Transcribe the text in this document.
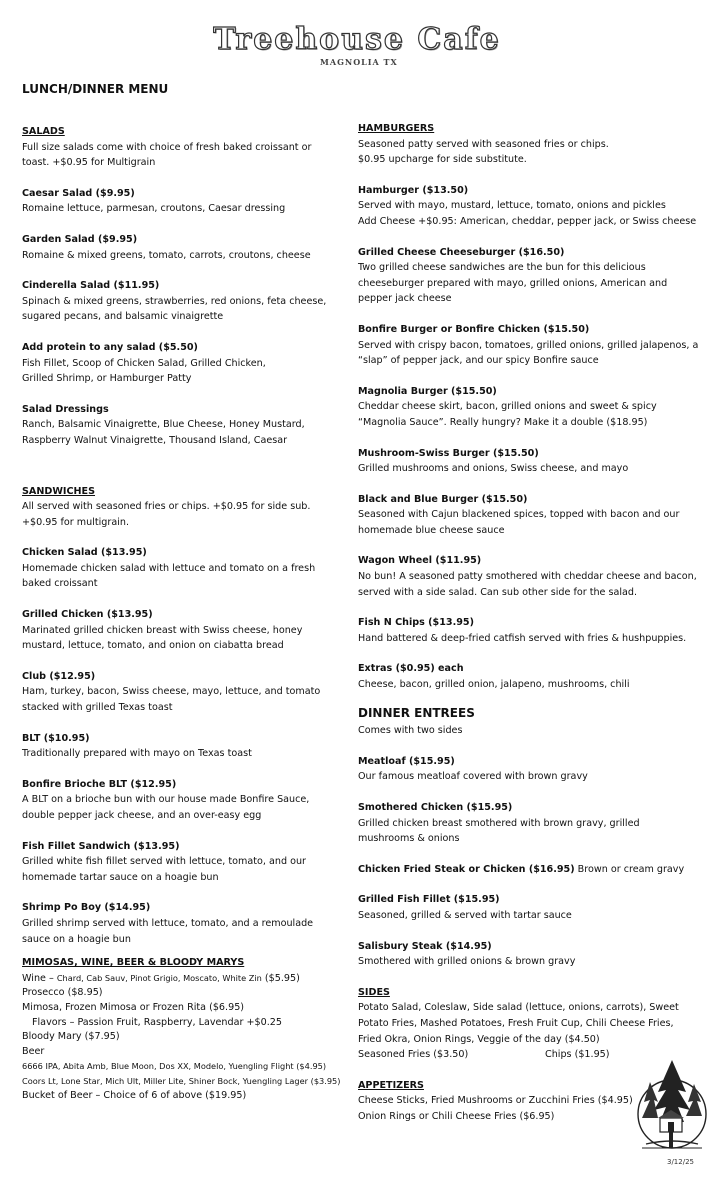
Treehouse Cafe
MAGNOLIA TX
LUNCH/DINNER MENU
SALADS
Full size salads come with choice of fresh baked croissant or
toast. +$0.95 for Multigrain
Caesar Salad ($9.95)
Romaine lettuce, parmesan, croutons, Caesar dressing
Garden Salad ($9.95)
Romaine & mixed greens, tomato, carrots, croutons, cheese
Cinderella Salad ($11.95)
Spinach & mixed greens, strawberries, red onions, feta cheese,
sugared pecans, and balsamic vinaigrette
Add protein to any salad ($5.50)
Fish Fillet, Scoop of Chicken Salad, Grilled Chicken,
Grilled Shrimp, or Hamburger Patty
Salad Dressings
Ranch, Balsamic Vinaigrette, Blue Cheese, Honey Mustard,
Raspberry Walnut Vinaigrette, Thousand Island, Caesar
SANDWICHES
All served with seasoned fries or chips. +$0.95 for side sub.
+$0.95 for multigrain.
Chicken Salad ($13.95)
Homemade chicken salad with lettuce and tomato on a fresh
baked croissant
Grilled Chicken ($13.95)
Marinated grilled chicken breast with Swiss cheese, honey
mustard, lettuce, tomato, and onion on ciabatta bread
Club ($12.95)
Ham, turkey, bacon, Swiss cheese, mayo, lettuce, and tomato
stacked with grilled Texas toast
BLT ($10.95)
Traditionally prepared with mayo on Texas toast
Bonfire Brioche BLT ($12.95)
A BLT on a brioche bun with our house made Bonfire Sauce,
double pepper jack cheese, and an over-easy egg
Fish Fillet Sandwich ($13.95)
Grilled white fish fillet served with lettuce, tomato, and our
homemade tartar sauce on a hoagie bun
Shrimp Po Boy ($14.95)
Grilled shrimp served with lettuce, tomato, and a remoulade
sauce on a hoagie bun
MIMOSAS, WINE, BEER & BLOODY MARYS
Wine – Chard, Cab Sauv, Pinot Grigio, Moscato, White Zin ($5.95)
Prosecco ($8.95)
Mimosa, Frozen Mimosa or Frozen Rita ($6.95)
Flavors – Passion Fruit, Raspberry, Lavendar +$0.25
Bloody Mary ($7.95)
Beer
6666 IPA, Abita Amb, Blue Moon, Dos XX, Modelo, Yuengling Flight ($4.95)
Coors Lt, Lone Star, Mich Ult, Miller Lite, Shiner Bock, Yuengling Lager ($3.95)
Bucket of Beer – Choice of 6 of above ($19.95)
HAMBURGERS
Seasoned patty served with seasoned fries or chips.
$0.95 upcharge for side substitute.
Hamburger ($13.50)
Served with mayo, mustard, lettuce, tomato, onions and pickles
Add Cheese +$0.95: American, cheddar, pepper jack, or Swiss cheese
Grilled Cheese Cheeseburger ($16.50)
Two grilled cheese sandwiches are the bun for this delicious
cheeseburger prepared with mayo, grilled onions, American and
pepper jack cheese
Bonfire Burger or Bonfire Chicken ($15.50)
Served with crispy bacon, tomatoes, grilled onions, grilled jalapenos, a
“slap” of pepper jack, and our spicy Bonfire sauce
Magnolia Burger ($15.50)
Cheddar cheese skirt, bacon, grilled onions and sweet & spicy
“Magnolia Sauce”. Really hungry? Make it a double ($18.95)
Mushroom-Swiss Burger ($15.50)
Grilled mushrooms and onions, Swiss cheese, and mayo
Black and Blue Burger ($15.50)
Seasoned with Cajun blackened spices, topped with bacon and our
homemade blue cheese sauce
Wagon Wheel ($11.95)
No bun! A seasoned patty smothered with cheddar cheese and bacon,
served with a side salad. Can sub other side for the salad.
Fish N Chips ($13.95)
Hand battered & deep-fried catfish served with fries & hushpuppies.
Extras ($0.95) each
Cheese, bacon, grilled onion, jalapeno, mushrooms, chili
DINNER ENTREES
Comes with two sides
Meatloaf ($15.95)
Our famous meatloaf covered with brown gravy
Smothered Chicken ($15.95)
Grilled chicken breast smothered with brown gravy, grilled
mushrooms & onions
Chicken Fried Steak or Chicken ($16.95) Brown or cream gravy
Grilled Fish Fillet ($15.95)
Seasoned, grilled & served with tartar sauce
Salisbury Steak ($14.95)
Smothered with grilled onions & brown gravy
SIDES
Potato Salad, Coleslaw, Side salad (lettuce, onions, carrots), Sweet
Potato Fries, Mashed Potatoes, Fresh Fruit Cup, Chili Cheese Fries,
Fried Okra, Onion Rings, Veggie of the day ($4.50)
Seasoned Fries ($3.50)	Chips ($1.95)
APPETIZERS
Cheese Sticks, Fried Mushrooms or Zucchini Fries ($4.95)
Onion Rings or Chili Cheese Fries ($6.95)
3/12/25
